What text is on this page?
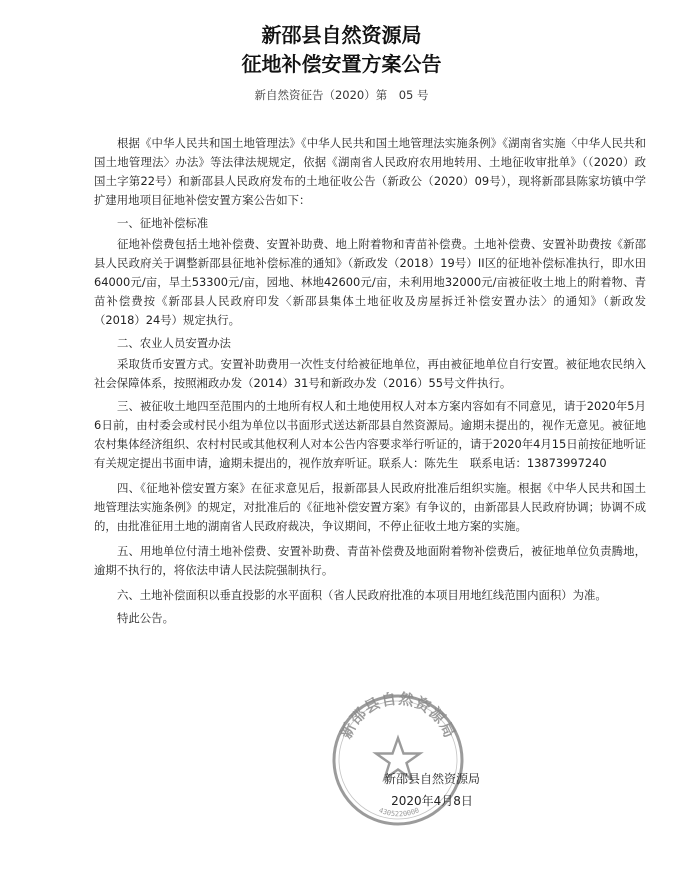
新邵县自然资源局
征地补偿安置方案公告
新自然资征告（2020）第　05 号

根据《中华人民共和国土地管理法》《中华人民共和国土地管理法实施条例》《湖南省实施〈中华人民共和国土地管理法〉办法》等法律法规规定，依据《湖南省人民政府农用地转用、土地征收审批单》（（2020）政国土字第22号）和新邵县人民政府发布的土地征收公告（新政公（2020）09号），现将新邵县陈家坊镇中学扩建用地项目征地补偿安置方案公告如下：

一、征地补偿标准

征地补偿费包括土地补偿费、安置补助费、地上附着物和青苗补偿费。土地补偿费、安置补助费按《新邵县人民政府关于调整新邵县征地补偿标准的通知》（新政发（2018）19号）II区的征地补偿标准执行，即水田64000元/亩，旱土53300元/亩，园地、林地42600元/亩，未利用地32000元/亩被征收土地上的附着物、青苗补偿费按《新邵县人民政府印发〈新邵县集体土地征收及房屋拆迁补偿安置办法〉的通知》（新政发（2018）24号）规定执行。

二、农业人员安置办法

采取货币安置方式。安置补助费用一次性支付给被征地单位，再由被征地单位自行安置。被征地农民纳入社会保障体系，按照湘政办发（2014）31号和新政办发（2016）55号文件执行。

三、被征收土地四至范围内的土地所有权人和土地使用权人对本方案内容如有不同意见，请于2020年5月6日前，由村委会或村民小组为单位以书面形式送达新邵县自然资源局。逾期未提出的，视作无意见。被征地农村集体经济组织、农村村民或其他权利人对本公告内容要求举行听证的，请于2020年4月15日前按征地听证有关规定提出书面申请，逾期未提出的，视作放弃听证。联系人：陈先生　联系电话：13873997240

四、《征地补偿安置方案》在征求意见后，报新邵县人民政府批准后组织实施。根据《中华人民共和国土地管理法实施条例》的规定，对批准后的《征地补偿安置方案》有争议的，由新邵县人民政府协调；协调不成的，由批准征用土地的湖南省人民政府裁决，争议期间，不停止征收土地方案的实施。

五、用地单位付清土地补偿费、安置补助费、青苗补偿费及地面附着物补偿费后，被征地单位负责腾地，逾期不执行的，将依法申请人民法院强制执行。

六、土地补偿面积以垂直投影的水平面积（省人民政府批准的本项目用地红线范围内面积）为准。

特此公告。

新邵县自然资源局
4305220000
新邵县自然资源局
2020年4月8日
